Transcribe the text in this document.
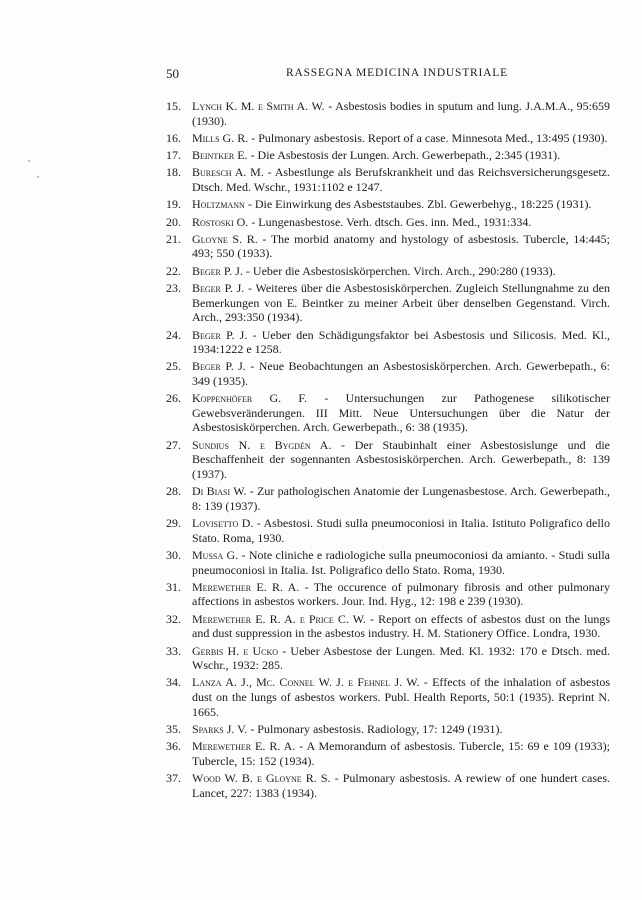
50	RASSEGNA MEDICINA INDUSTRIALE
15. Lynch K. M. e Smith A. W. - Asbestosis bodies in sputum and lung. J.A.M.A., 95:659 (1930).
16. Mills G. R. - Pulmonary asbestosis. Report of a case. Minnesota Med., 13:495 (1930).
17. Beintker E. - Die Asbestosis der Lungen. Arch. Gewerbepath., 2:345 (1931).
18. Buresch A. M. - Asbestlunge als Berufskrankheit und das Reichsversicherungsgesetz. Dtsch. Med. Wschr., 1931:1102 e 1247.
19. Holtzmann - Die Einwirkung des Asbeststaubes. Zbl. Gewerbehyg., 18:225 (1931).
20. Rostoski O. - Lungenasbestose. Verh. dtsch. Ges. inn. Med., 1931:334.
21. Gloyne S. R. - The morbid anatomy and hystology of asbestosis. Tubercle, 14:445; 493; 550 (1933).
22. Beger P. J. - Ueber die Asbestosiskörperchen. Virch. Arch., 290:280 (1933).
23. Beger P. J. - Weiteres über die Asbestosiskörperchen. Zugleich Stellungnahme zu den Bemerkungen von E. Beintker zu meiner Arbeit über denselben Gegenstand. Virch. Arch., 293:350 (1934).
24. Beger P. J. - Ueber den Schädigungsfaktor bei Asbestosis und Silicosis. Med. Kl., 1934:1222 e 1258.
25. Beger P. J. - Neue Beobachtungen an Asbestosiskörperchen. Arch. Gewerbepath., 6: 349 (1935).
26. Koppenhöfer G. F. - Untersuchungen zur Pathogenese silikotischer Gewebsveränderungen. III Mitt. Neue Untersuchungen über die Natur der Asbestosiskörperchen. Arch. Gewerbepath., 6: 38 (1935).
27. Sundius N. e Bygdén A. - Der Staubinhalt einer Asbestosislunge und die Beschaffenheit der sogennanten Asbestosiskörperchen. Arch. Gewerbepath., 8: 139 (1937).
28. Di Biasi W. - Zur pathologischen Anatomie der Lungenasbestose. Arch. Gewerbepath., 8: 139 (1937).
29. Lovisetto D. - Asbestosi. Studi sulla pneumoconiosi in Italia. Istituto Poligrafico dello Stato. Roma, 1930.
30. Mussa G. - Note cliniche e radiologiche sulla pneumoconiosi da amianto. - Studi sulla pneumoconiosi in Italia. Ist. Poligrafico dello Stato. Roma, 1930.
31. Merewether E. R. A. - The occurence of pulmonary fibrosis and other pulmonary affections in asbestos workers. Jour. Ind. Hyg., 12: 198 e 239 (1930).
32. Merewether E. R. A. e Price C. W. - Report on effects of asbestos dust on the lungs and dust suppression in the asbestos industry. H. M. Stationery Office. Londra, 1930.
33. Gerbis H. e Ucko - Ueber Asbestose der Lungen. Med. Kl. 1932: 170 e Dtsch. med. Wschr., 1932: 285.
34. Lanza A. J., Mc. Connel W. J. e Fehnel J. W. - Effects of the inhalation of asbestos dust on the lungs of asbestos workers. Publ. Health Reports, 50:1 (1935). Reprint N. 1665.
35. Sparks J. V. - Pulmonary asbestosis. Radiology, 17: 1249 (1931).
36. Merewether E. R. A. - A Memorandum of asbestosis. Tubercle, 15: 69 e 109 (1933); Tubercle, 15: 152 (1934).
37. Wood W. B. e Gloyne R. S. - Pulmonary asbestosis. A rewiew of one hundert cases. Lancet, 227: 1383 (1934).
